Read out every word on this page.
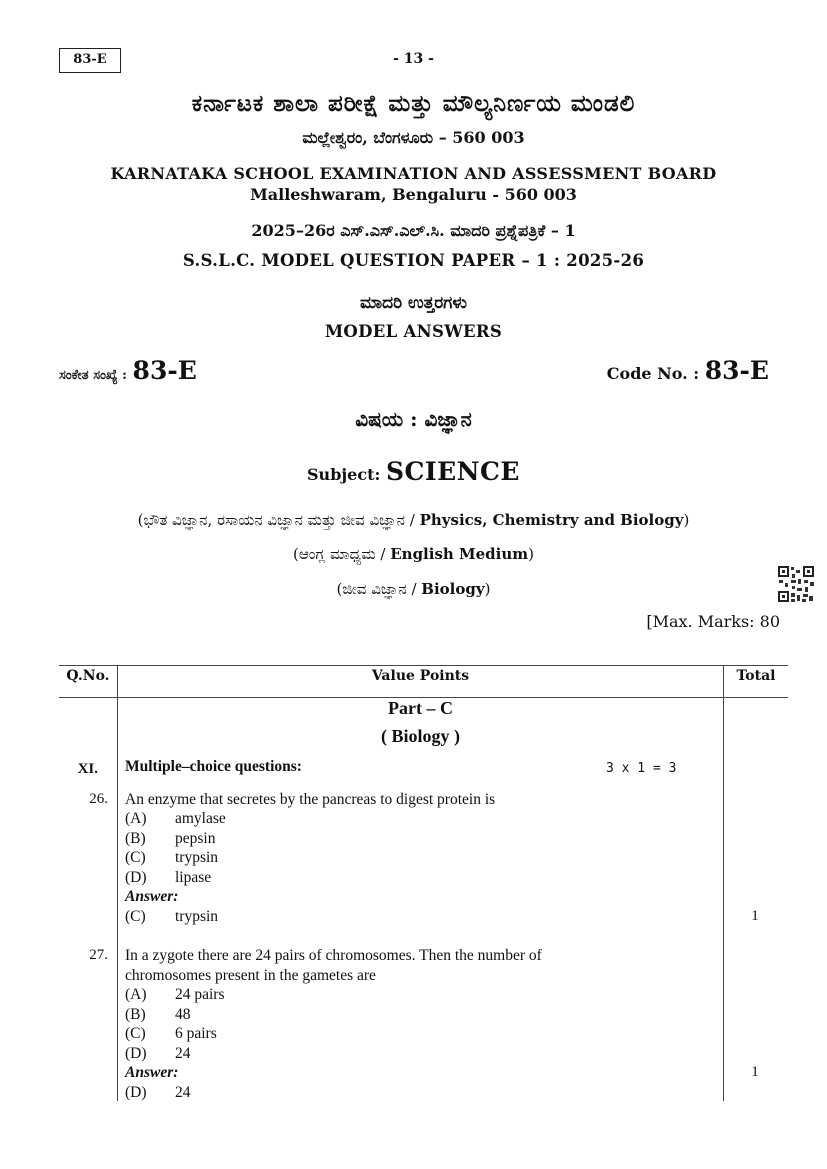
83-E	- 13 -
ಕರ್ನಾಟಕ ಶಾಲಾ ಪರೀಕ್ಷೆ ಮತ್ತು ಮೌಲ್ಯನಿರ್ಣಯ ಮಂಡಲಿ
ಮಲ್ಲೇಶ್ವರಂ, ಬೆಂಗಳೂರು – 560 003
KARNATAKA SCHOOL EXAMINATION AND ASSESSMENT BOARD
Malleshwaram, Bengaluru - 560 003
2025–26ರ ಎಸ್.ಎಸ್.ಎಲ್.ಸಿ. ಮಾದರಿ ಪ್ರಶ್ನೆಪತ್ರಿಕೆ – 1
S.S.L.C. MODEL QUESTION PAPER – 1 : 2025-26
ಮಾದರಿ ಉತ್ತರಗಳು
MODEL ANSWERS
ಸಂಕೇತ ಸಂಖ್ಯೆ : 83-E	Code No. : 83-E
ವಿಷಯ : ವಿಜ್ಞಾನ
Subject: SCIENCE
(ಭೌತ ವಿಜ್ಞಾನ, ರಸಾಯನ ವಿಜ್ಞಾನ ಮತ್ತು ಜೀವ ವಿಜ್ಞಾನ / Physics, Chemistry and Biology)
(ಆಂಗ್ಲ ಮಾಧ್ಯಮ / English Medium)
(ಜೀವ ವಿಜ್ಞಾನ / Biology)
[Max. Marks: 80
Q.No.	Value Points	Total
Part – C
( Biology )
XI. Multiple–choice questions:	3 x 1 = 3
26. An enzyme that secretes by the pancreas to digest protein is
(A) amylase
(B) pepsin
(C) trypsin
(D) lipase
Answer:
(C) trypsin	1
27. In a zygote there are 24 pairs of chromosomes. Then the number of
chromosomes present in the gametes are
(A) 24 pairs
(B) 48
(C) 6 pairs
(D) 24
Answer:	1
(D) 24
